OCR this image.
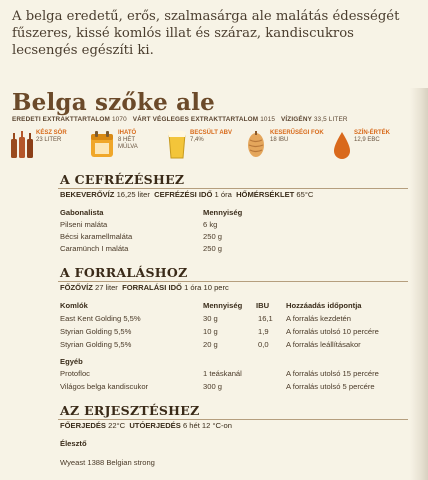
A belga eredetű, erős, szalmasárga ale malátás édességét fűszeres, kissé komlós illat és száraz, kandiscukros lecsengés egészíti ki.
Belga szőke ale
EREDETI EXTRAKTTARTALOM 1070 VÁRT VÉGLEGES EXTRAKTTARTALOM 1015 VÍZIGÉNY 33,5 LITER
KÉSZ SÖR
23 LITER
IHATÓ
8 HÉT
MÚLVA
BECSÜLT ABV
7,4%
KESERŰSÉGI FOK
18 IBU
SZÍN-ÉRTÉK
12,9 EBC
A CEFRÉZÉSHEZ
BEKEVERŐVÍZ 16,25 liter CEFRÉZÉSI IDŐ 1 óra HŐMÉRSÉKLET 65°C
Gabonalista	Mennyiség
Pilseni maláta	6 kg
Bécsi karamellmaláta	250 g
Caramünch I maláta	250 g
A FORRALÁSHOZ
FŐZŐVÍZ 27 liter FORRALÁSI IDŐ 1 óra 10 perc
Komlók	Mennyiség IBU Hozzáadás időpontja
East Kent Golding 5,5%	30 g	16,1 A forralás kezdetén
Styrian Golding 5,5%	10 g	1,9 A forralás utolsó 10 percére
Styrian Golding 5,5%	20 g	0,0 A forralás leállításakor
Egyéb
Protofloc	1 teáskanál	A forralás utolsó 15 percére
Világos belga kandiscukor	300 g	A forralás utolsó 5 percére
AZ ERJESZTÉSHEZ
FŐERJEDÉS 22°C UTÓERJEDÉS 6 hét 12 °C-on
Élesztő
Wyeast 1388 Belgian strong
